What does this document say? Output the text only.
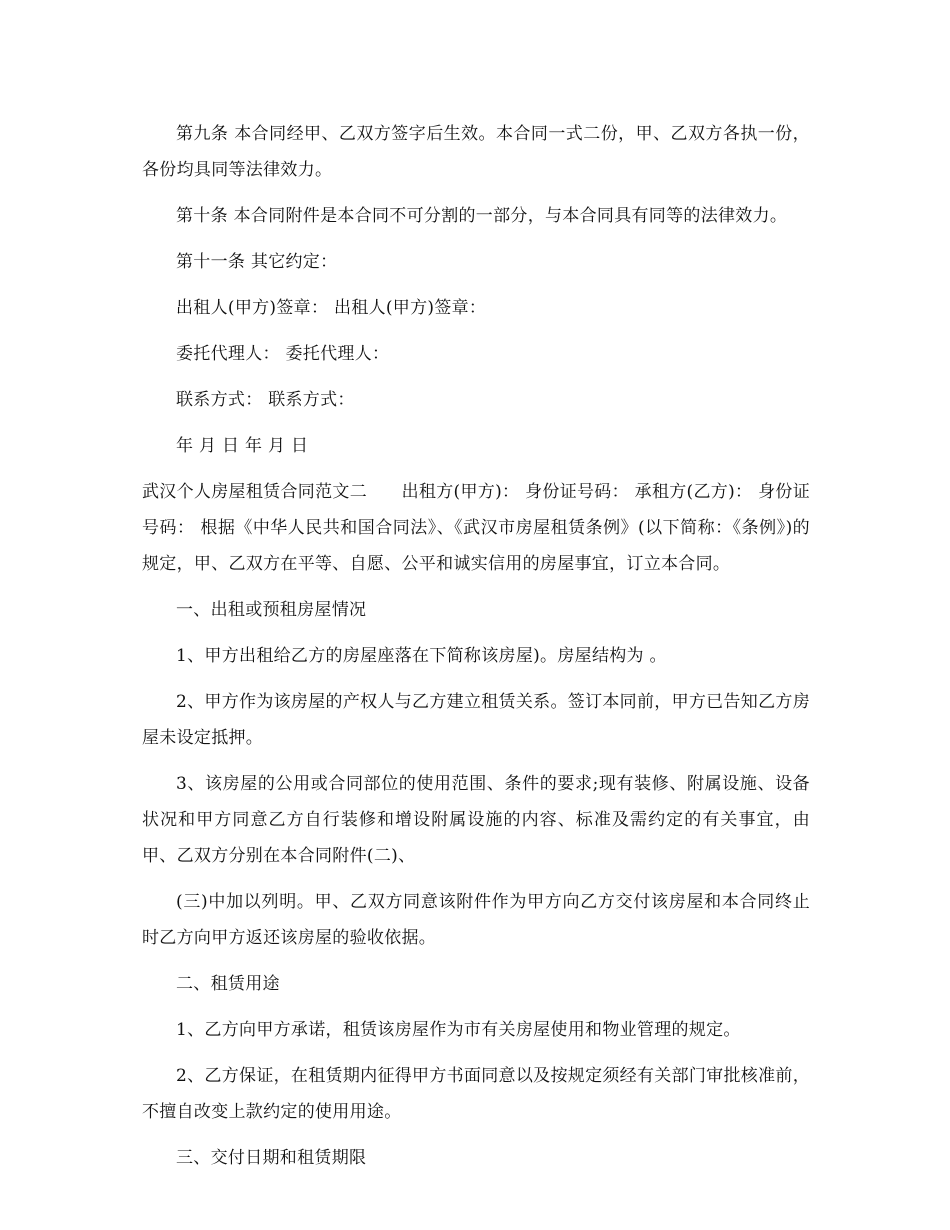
第九条 本合同经甲、乙双方签字后生效。本合同一式二份，甲、乙双方各执一份，各份均具同等法律效力。

第十条 本合同附件是本合同不可分割的一部分，与本合同具有同等的法律效力。

第十一条 其它约定：

出租人(甲方)签章： 出租人(甲方)签章：

委托代理人： 委托代理人：

联系方式： 联系方式：

年 月 日 年 月 日

武汉个人房屋租赁合同范文二　　出租方(甲方)： 身份证号码： 承租方(乙方)： 身份证号码： 根据《中华人民共和国合同法》、《武汉市房屋租赁条例》(以下简称：《条例》)的规定，甲、乙双方在平等、自愿、公平和诚实信用的房屋事宜，订立本合同。

一、出租或预租房屋情况

1、甲方出租给乙方的房屋座落在下简称该房屋)。房屋结构为 。

2、甲方作为该房屋的产权人与乙方建立租赁关系。签订本同前，甲方已告知乙方房屋未设定抵押。

3、该房屋的公用或合同部位的使用范围、条件的要求;现有装修、附属设施、设备状况和甲方同意乙方自行装修和增设附属设施的内容、标准及需约定的有关事宜，由甲、乙双方分别在本合同附件(二)、

(三)中加以列明。甲、乙双方同意该附件作为甲方向乙方交付该房屋和本合同终止时乙方向甲方返还该房屋的验收依据。

二、租赁用途

1、乙方向甲方承诺，租赁该房屋作为市有关房屋使用和物业管理的规定。

2、乙方保证，在租赁期内征得甲方书面同意以及按规定须经有关部门审批核准前，不擅自改变上款约定的使用用途。

三、交付日期和租赁期限
